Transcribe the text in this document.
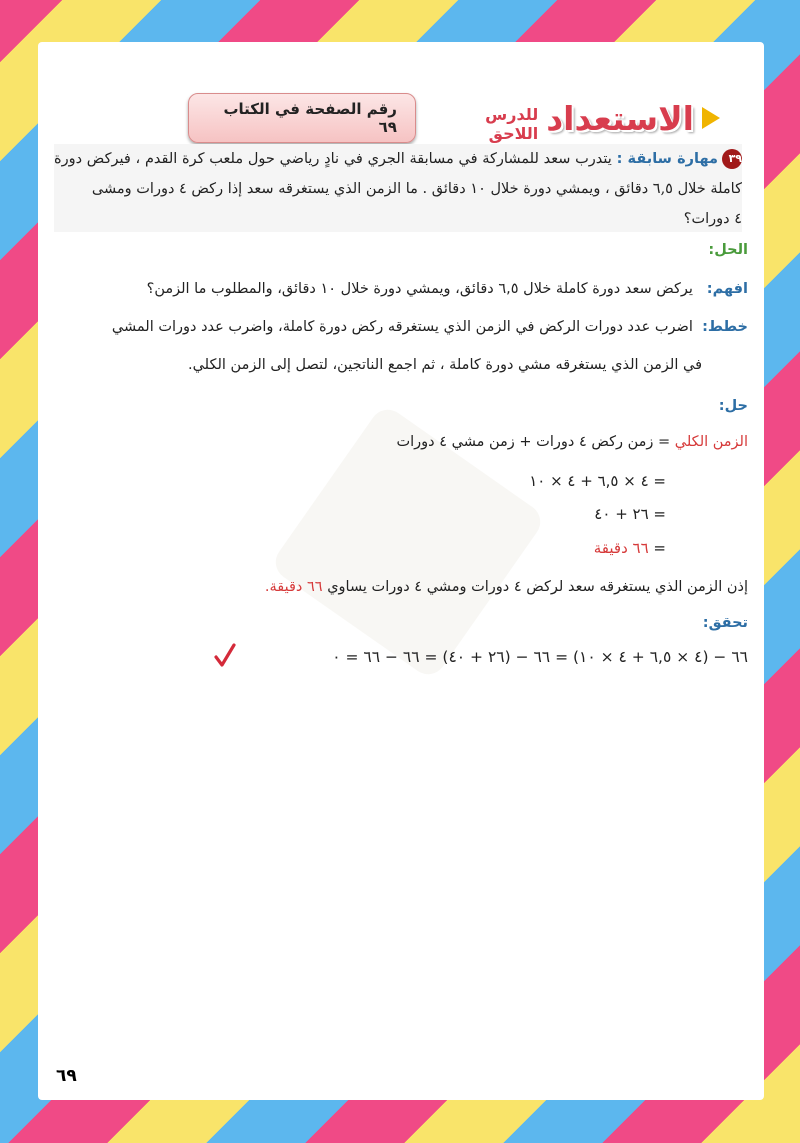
الاستعداد
للدرس اللاحق
رقم الصفحة في الكتاب ٦٩
٣٩مهارة سابقة : يتدرب سعد للمشاركة في مسابقة الجري في نادٍ رياضي حول ملعب كرة القدم ، فيركض دورة
كاملة خلال ٦,٥ دقائق ، ويمشي دورة خلال ١٠ دقائق . ما الزمن الذي يستغرقه سعد إذا ركض ٤ دورات ومشى
٤ دورات؟
الحل:
افهم:   يركض سعد دورة كاملة خلال ٦,٥ دقائق، ويمشي دورة خلال ١٠ دقائق، والمطلوب ما الزمن؟
خطط:  اضرب عدد دورات الركض في الزمن الذي يستغرقه ركض دورة كاملة، واضرب عدد دورات المشي
في الزمن الذي يستغرقه مشي دورة كاملة ، ثم اجمع الناتجين، لتصل إلى الزمن الكلي.
حل:
الزمن الكلي = زمن ركض ٤ دورات + زمن مشي ٤ دورات
= ٤ × ٦,٥ + ٤ × ١٠
= ٢٦ + ٤٠
= ٦٦ دقيقة
إذن الزمن الذي يستغرقه سعد لركض ٤ دورات ومشي ٤ دورات يساوي ٦٦ دقيقة.
تحقق:
٦٦ − (٤ × ٦,٥ + ٤ × ١٠) = ٦٦ − (٢٦ + ٤٠) = ٦٦ − ٦٦ = ٠
٦٩
